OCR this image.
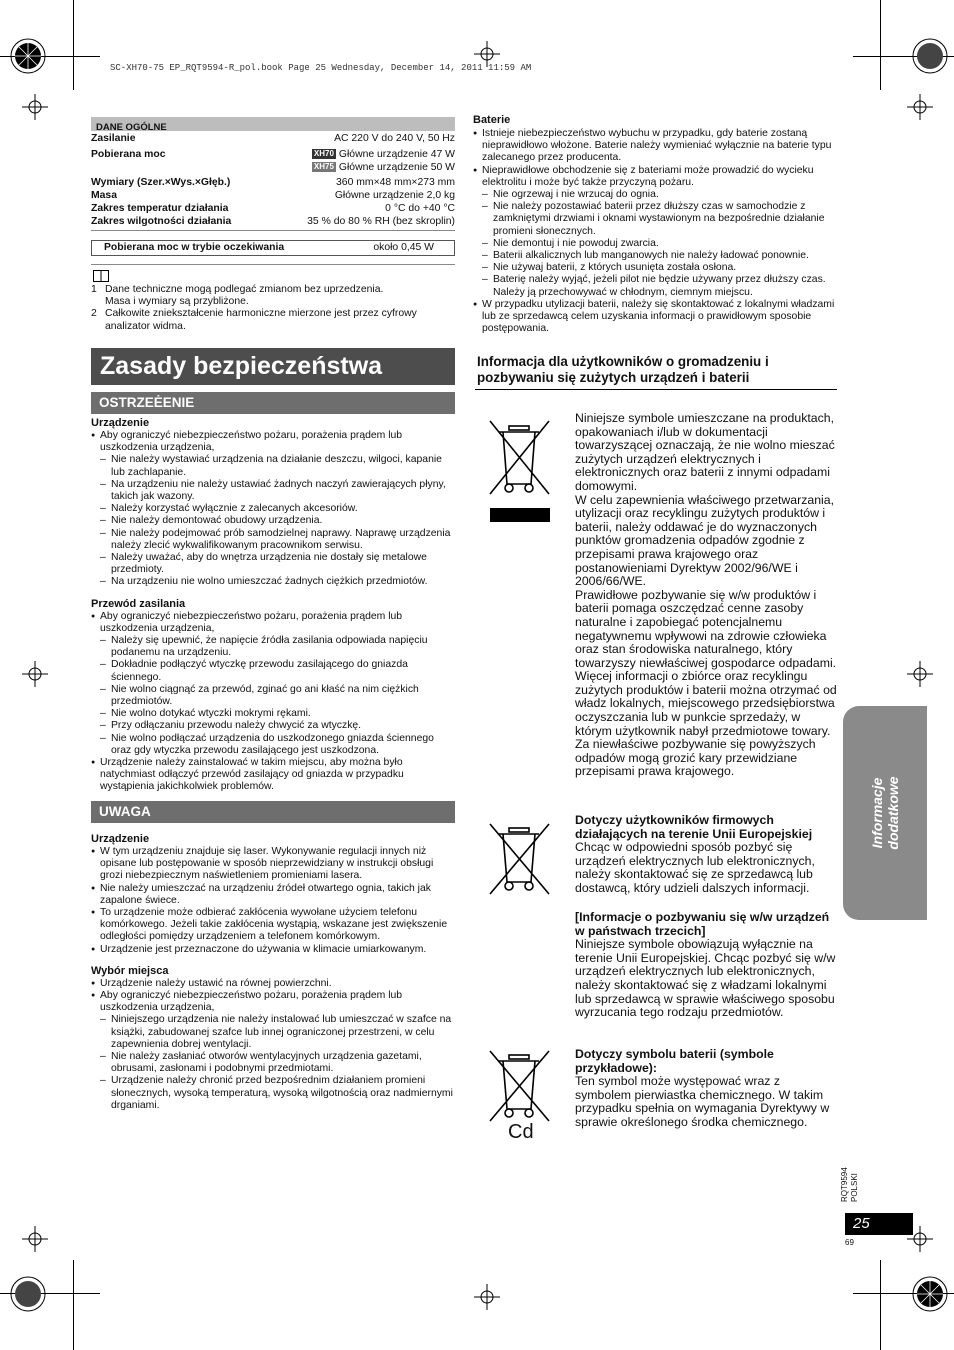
SC-XH70-75 EP_RQT9594-R_pol.book Page 25 Wednesday, December 14, 2011 11:59 AM
DANE OGÓLNE
Zasilanie	AC 220 V do 240 V, 50 Hz
Pobierana moc	XH70 Główne urządzenie 47 W
XH75 Główne urządzenie 50 W
Wymiary (Szer.×Wys.×Głęb.)	360 mm×48 mm×273 mm
Masa	Główne urządzenie 2,0 kg
Zakres temperatur działania	0 °C do +40 °C
Zakres wilgotności działania	35 % do 80 % RH (bez skroplin)
Pobierana moc w trybie oczekiwania	około 0,45 W
1 Dane techniczne mogą podlegać zmianom bez uprzedzenia.
Masa i wymiary są przybliżone.
2 Całkowite zniekształcenie harmoniczne mierzone jest przez cyfrowy
analizator widma.
Zasady bezpieczeństwa
OSTRZEĖENIE
Urządzenie
● Aby ograniczyć niebezpieczeństwo pożaru, porażenia prądem lub uszkodzenia urządzenia,
– Nie należy wystawiać urządzenia na działanie deszczu, wilgoci, kapanie lub zachlapanie.
– Na urządzeniu nie należy ustawiać żadnych naczyń zawierających płyny, takich jak wazony.
– Należy korzystać wyłącznie z zalecanych akcesoriów.
– Nie należy demontować obudowy urządzenia.
– Nie należy podejmować prób samodzielnej naprawy. Naprawę urządzenia należy zlecić wykwalifikowanym pracownikom serwisu.
– Należy uważać, aby do wnętrza urządzenia nie dostały się metalowe przedmioty.
– Na urządzeniu nie wolno umieszczać żadnych ciężkich przedmiotów.
Przewód zasilania
● Aby ograniczyć niebezpieczeństwo pożaru, porażenia prądem lub uszkodzenia urządzenia,
– Należy się upewnić, że napięcie źródła zasilania odpowiada napięciu podanemu na urządzeniu.
– Dokładnie podłączyć wtyczkę przewodu zasilającego do gniazda ściennego.
– Nie wolno ciągnąć za przewód, zginać go ani kłaść na nim ciężkich przedmiotów.
– Nie wolno dotykać wtyczki mokrymi rękami.
– Przy odłączaniu przewodu należy chwycić za wtyczkę.
– Nie wolno podłączać urządzenia do uszkodzonego gniazda ściennego oraz gdy wtyczka przewodu zasilającego jest uszkodzona.
● Urządzenie należy zainstalować w takim miejscu, aby można było natychmiast odłączyć przewód zasilający od gniazda w przypadku wystąpienia jakichkolwiek problemów.
UWAGA
Urządzenie
● W tym urządzeniu znajduje się laser. Wykonywanie regulacji innych niż opisane lub postępowanie w sposób nieprzewidziany w instrukcji obsługi grozi niebezpiecznym naświetleniem promieniami lasera.
● Nie należy umieszczać na urządzeniu źródeł otwartego ognia, takich jak zapalone świece.
● To urządzenie może odbierać zakłócenia wywołane użyciem telefonu komórkowego. Jeżeli takie zakłócenia wystąpią, wskazane jest zwiększenie odległości pomiędzy urządzeniem a telefonem komórkowym.
● Urządzenie jest przeznaczone do używania w klimacie umiarkowanym.
Wybór miejsca
● Urządzenie należy ustawić na równej powierzchni.
● Aby ograniczyć niebezpieczeństwo pożaru, porażenia prądem lub uszkodzenia urządzenia,
– Niniejszego urządzenia nie należy instalować lub umieszczać w szafce na książki, zabudowanej szafce lub innej ograniczonej przestrzeni, w celu zapewnienia dobrej wentylacji.
– Nie należy zasłaniać otworów wentylacyjnych urządzenia gazetami, obrusami, zasłonami i podobnymi przedmiotami.
– Urządzenie należy chronić przed bezpośrednim działaniem promieni słonecznych, wysoką temperaturą, wysoką wilgotnością oraz nadmiernymi drganiami.
Baterie
● Istnieje niebezpieczeństwo wybuchu w przypadku, gdy baterie zostaną nieprawidłowo włożone. Baterie należy wymieniać wyłącznie na baterie typu zalecanego przez producenta.
● Nieprawidłowe obchodzenie się z bateriami może prowadzić do wycieku elektrolitu i może być także przyczyną pożaru.
– Nie ogrzewaj i nie wrzucaj do ognia.
– Nie należy pozostawiać baterii przez dłuższy czas w samochodzie z zamkniętymi drzwiami i oknami wystawionym na bezpośrednie działanie promieni słonecznych.
– Nie demontuj i nie powoduj zwarcia.
– Baterii alkalicznych lub manganowych nie należy ładować ponownie.
– Nie używaj baterii, z których usunięta została osłona.
– Baterię należy wyjąć, jeżeli pilot nie będzie używany przez dłuższy czas. Należy ją przechowywać w chłodnym, ciemnym miejscu.
● W przypadku utylizacji baterii, należy się skontaktować z lokalnymi władzami lub ze sprzedawcą celem uzyskania informacji o prawidłowym sposobie postępowania.
Informacja dla użytkowników o gromadzeniu i pozbywaniu się zużytych urządzeń i baterii
Cd
Niniejsze symbole umieszczane na produktach, opakowaniach i/lub w dokumentacji towarzyszącej oznaczają, że nie wolno mieszać zużytych urządzeń elektrycznych i elektronicznych oraz baterii z innymi odpadami domowymi.
W celu zapewnienia właściwego przetwarzania, utylizacji oraz recyklingu zużytych produktów i baterii, należy oddawać je do wyznaczonych punktów gromadzenia odpadów zgodnie z przepisami prawa krajowego oraz postanowieniami Dyrektyw 2002/96/WE i 2006/66/WE.
Prawidłowe pozbywanie się w/w produktów i baterii pomaga oszczędzać cenne zasoby naturalne i zapobiegać potencjalnemu negatywnemu wpływowi na zdrowie człowieka oraz stan środowiska naturalnego, który towarzyszy niewłaściwej gospodarce odpadami.
Więcej informacji o zbiórce oraz recyklingu zużytych produktów i baterii można otrzymać od władz lokalnych, miejscowego przedsiębiorstwa oczyszczania lub w punkcie sprzedaży, w którym użytkownik nabył przedmiotowe towary.
Za niewłaściwe pozbywanie się powyższych odpadów mogą grozić kary przewidziane przepisami prawa krajowego.
Dotyczy użytkowników firmowych działających na terenie Unii Europejskiej
Chcąc w odpowiedni sposób pozbyć się urządzeń elektrycznych lub elektronicznych, należy skontaktować się ze sprzedawcą lub dostawcą, który udzieli dalszych informacji.
[Informacje o pozbywaniu się w/w urządzeń w państwach trzecich]
Niniejsze symbole obowiązują wyłącznie na terenie Unii Europejskiej. Chcąc pozbyć się w/w urządzeń elektrycznych lub elektronicznych, należy skontaktować się z władzami lokalnymi lub sprzedawcą w sprawie właściwego sposobu wyrzucania tego rodzaju przedmiotów.
Dotyczy symbolu baterii (symbole przykładowe):
Ten symbol może występować wraz z symbolem pierwiastka chemicznego. W takim przypadku spełnia on wymagania Dyrektywy w sprawie określonego środka chemicznego.
Informacje dodatkowe
RQT9594 POLSKI
25
69
